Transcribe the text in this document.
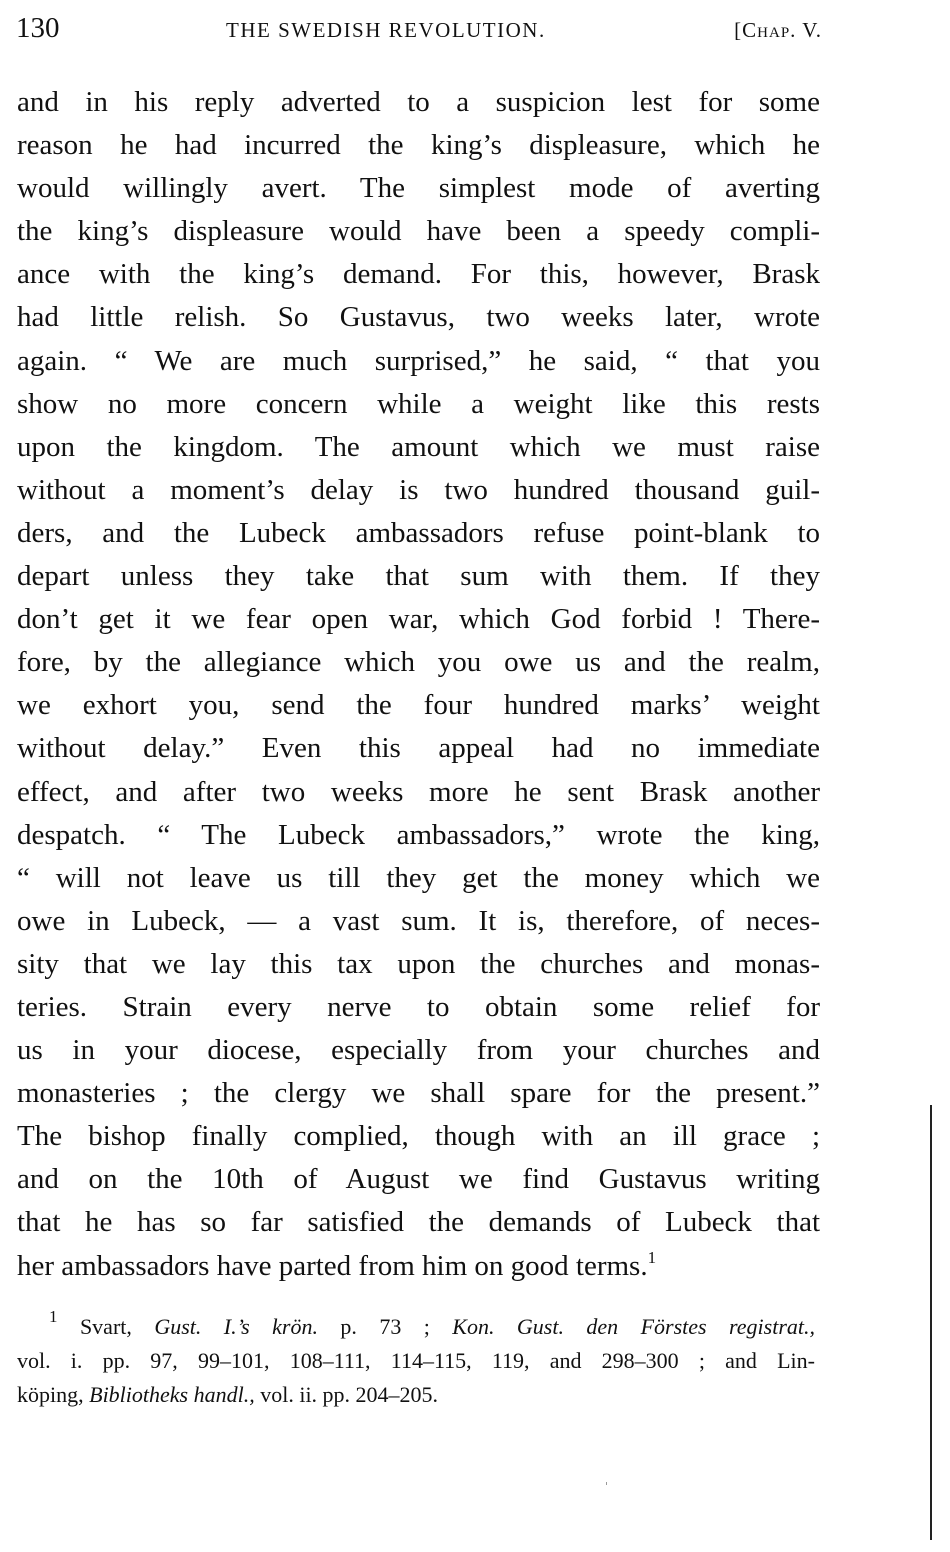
130	THE SWEDISH REVOLUTION.	[Chap. V.
and in his reply adverted to a suspicion lest for some
reason he had incurred the king’s displeasure, which he
would willingly avert. The simplest mode of averting
the king’s displeasure would have been a speedy compli-
ance with the king’s demand. For this, however, Brask
had little relish. So Gustavus, two weeks later, wrote
again. “ We are much surprised,” he said, “ that you
show no more concern while a weight like this rests
upon the kingdom. The amount which we must raise
without a moment’s delay is two hundred thousand guil-
ders, and the Lubeck ambassadors refuse point-blank to
depart unless they take that sum with them. If they
don’t get it we fear open war, which God forbid ! There-
fore, by the allegiance which you owe us and the realm,
we exhort you, send the four hundred marks’ weight
without delay.” Even this appeal had no immediate
effect, and after two weeks more he sent Brask another
despatch. “ The Lubeck ambassadors,” wrote the king,
“ will not leave us till they get the money which we
owe in Lubeck, — a vast sum. It is, therefore, of neces-
sity that we lay this tax upon the churches and monas-
teries. Strain every nerve to obtain some relief for
us in your diocese, especially from your churches and
monasteries ; the clergy we shall spare for the present.”
The bishop finally complied, though with an ill grace ;
and on the 10th of August we find Gustavus writing
that he has so far satisfied the demands of Lubeck that
her ambassadors have parted from him on good terms.$^1$
$^1$ Svart, Gust. I.’s krön. p. 73 ; Kon. Gust. den Förstes registrat.,
vol. i. pp. 97, 99–101, 108–111, 114–115, 119, and 298–300 ; and Lin-
köping, Bibliotheks handl., vol. ii. pp. 204–205.
